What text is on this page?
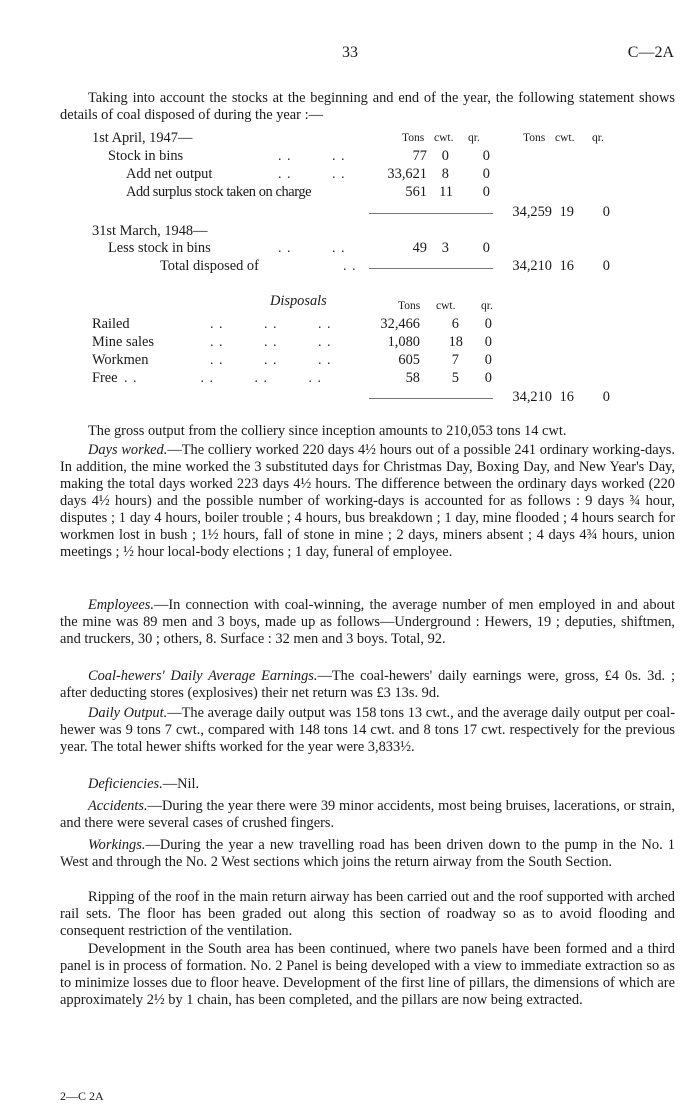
33	C—2A
Taking into account the stocks at the beginning and end of the year, the following statement shows details of coal disposed of during the year :—
Tons cwt. qr.	Tons cwt. qr.
1st April, 1947—
Stock in bins	. .         . .	77 0 0
Add net output	. .         . .	33,621 8 0
Add surplus stock taken on charge	561 11 0
34,259 19 0
31st March, 1948—
Less stock in bins	. .         . .	49 3 0
Total disposed of	. .	34,210 16 0
Disposals	Tons cwt. qr.
Railed	. .         . .         . .	32,466 6 0
Mine sales	. .         . .         . .	1,080 18 0
Workmen	. .         . .         . .	605 7 0
Free . .              . .         . .         . .	58 5 0
34,210 16 0
The gross output from the colliery since inception amounts to 210,053 tons 14 cwt.
Days worked.—The colliery worked 220 days 4½ hours out of a possible 241 ordinary working-days. In addition, the mine worked the 3 substituted days for Christmas Day, Boxing Day, and New Year's Day, making the total days worked 223 days 4½ hours. The difference between the ordinary days worked (220 days 4½ hours) and the possible number of working-days is accounted for as follows : 9 days ¾ hour, disputes ; 1 day 4 hours, boiler trouble ; 4 hours, bus breakdown ; 1 day, mine flooded ; 4 hours search for workmen lost in bush ; 1½ hours, fall of stone in mine ; 2 days, miners absent ; 4 days 4¾ hours, union meetings ; ½ hour local-body elections ; 1 day, funeral of employee.
Employees.—In connection with coal-winning, the average number of men employed in and about the mine was 89 men and 3 boys, made up as follows—Underground : Hewers, 19 ; deputies, shiftmen, and truckers, 30 ; others, 8. Surface : 32 men and 3 boys. Total, 92.
Coal-hewers' Daily Average Earnings.—The coal-hewers' daily earnings were, gross, £4 0s. 3d. ; after deducting stores (explosives) their net return was £3 13s. 9d.
Daily Output.—The average daily output was 158 tons 13 cwt., and the average daily output per coal-hewer was 9 tons 7 cwt., compared with 148 tons 14 cwt. and 8 tons 17 cwt. respectively for the previous year. The total hewer shifts worked for the year were 3,833½.
Deficiencies.—Nil.
Accidents.—During the year there were 39 minor accidents, most being bruises, lacerations, or strain, and there were several cases of crushed fingers.
Workings.—During the year a new travelling road has been driven down to the pump in the No. 1 West and through the No. 2 West sections which joins the return airway from the South Section.
Ripping of the roof in the main return airway has been carried out and the roof supported with arched rail sets. The floor has been graded out along this section of roadway so as to avoid flooding and consequent restriction of the ventilation.
Development in the South area has been continued, where two panels have been formed and a third panel is in process of formation. No. 2 Panel is being developed with a view to immediate extraction so as to minimize losses due to floor heave. Development of the first line of pillars, the dimensions of which are approximately 2½ by 1 chain, has been completed, and the pillars are now being extracted.
2—C 2A
